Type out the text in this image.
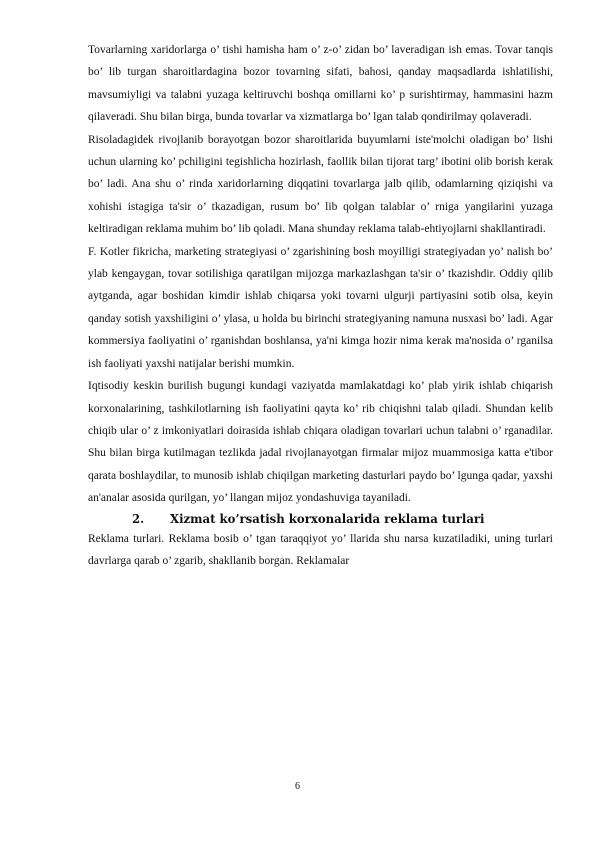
Tovarlarning xaridorlarga o’ tishi hamisha ham o’ z-o’ zidan bo’ laveradigan ish emas. Tovar tanqis bo’ lib turgan sharoitlardagina bozor tovarning sifati, bahosi, qanday maqsadlarda ishlatilishi, mavsumiyligi va talabni yuzaga keltiruvchi boshqa omillarni ko’ p surishtirmay, hammasini hazm qilaveradi. Shu bilan birga, bunda tovarlar va xizmatlarga bo’ lgan talab qondirilmay qolaveradi.

Risoladagidek rivojlanib borayotgan bozor sharoitlarida buyumlarni iste'molchi oladigan bo’ lishi uchun ularning ko’ pchiligini tegishlicha hozirlash, faollik bilan tijorat targ’ ibotini olib borish kerak bo’ ladi. Ana shu o’ rinda xaridorlarning diqqatini tovarlarga jalb qilib, odamlarning qiziqishi va xohishi istagiga ta'sir o’ tkazadigan, rusum bo’ lib qolgan talablar o’ rniga yangilarini yuzaga keltiradigan reklama muhim bo’ lib qoladi. Mana shunday reklama talab-ehtiyojlarni shakllantiradi.

F. Kotler fikricha, marketing strategiyasi o’ zgarishining bosh moyilligi strategiyadan yo’ nalish bo’ ylab kengaygan, tovar sotilishiga qaratilgan mijozga markazlashgan ta'sir o’ tkazishdir. Oddiy qilib aytganda, agar boshidan kimdir ishlab chiqarsa yoki tovarni ulgurji partiyasini sotib olsa, keyin qanday sotish yaxshiligini o’ ylasa, u holda bu birinchi strategiyaning namuna nusxasi bo’ ladi. Agar kommersiya faoliyatini o’ rganishdan boshlansa, ya'ni kimga hozir nima kerak ma'nosida o’ rganilsa ish faoliyati yaxshi natijalar berishi mumkin.

Iqtisodiy keskin burilish bugungi kundagi vaziyatda mamlakatdagi ko’ plab yirik ishlab chiqarish korxonalarining, tashkilotlarning ish faoliyatini qayta ko’ rib chiqishni talab qiladi. Shundan kelib chiqib ular o’ z imkoniyatlari doirasida ishlab chiqara oladigan tovarlari uchun talabni o’ rganadilar. Shu bilan birga kutilmagan tezlikda jadal rivojlanayotgan firmalar mijoz muammosiga katta e'tibor qarata boshlaydilar, to munosib ishlab chiqilgan marketing dasturlari paydo bo’ lgunga qadar, yaxshi an'analar asosida qurilgan, yo’ llangan mijoz yondashuviga tayaniladi.

2. Xizmat ko’rsatish korxonalarida reklama turlari

Reklama turlari. Reklama bosib o’ tgan taraqqiyot yo’ llarida shu narsa kuzatiladiki, uning turlari davrlarga qarab o’ zgarib, shakllanib borgan. Reklamalar

6
